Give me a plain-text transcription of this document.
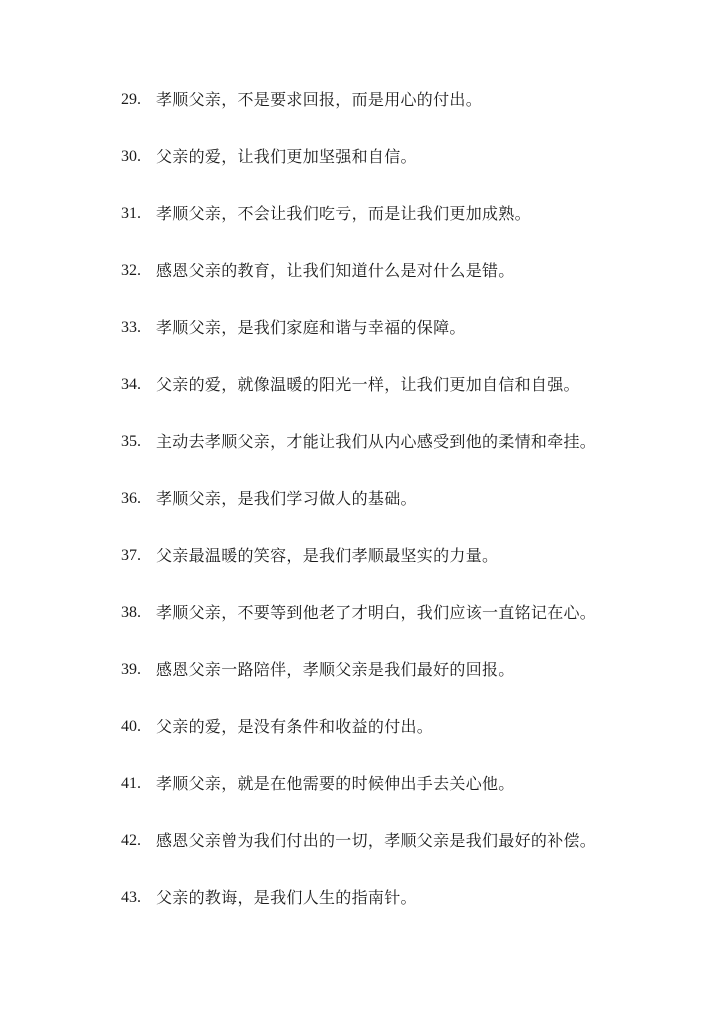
29. 孝顺父亲，不是要求回报，而是用心的付出。
30. 父亲的爱，让我们更加坚强和自信。
31. 孝顺父亲，不会让我们吃亏，而是让我们更加成熟。
32. 感恩父亲的教育，让我们知道什么是对什么是错。
33. 孝顺父亲，是我们家庭和谐与幸福的保障。
34. 父亲的爱，就像温暖的阳光一样，让我们更加自信和自强。
35. 主动去孝顺父亲，才能让我们从内心感受到他的柔情和牵挂。
36. 孝顺父亲，是我们学习做人的基础。
37. 父亲最温暖的笑容，是我们孝顺最坚实的力量。
38. 孝顺父亲，不要等到他老了才明白，我们应该一直铭记在心。
39. 感恩父亲一路陪伴，孝顺父亲是我们最好的回报。
40. 父亲的爱，是没有条件和收益的付出。
41. 孝顺父亲，就是在他需要的时候伸出手去关心他。
42. 感恩父亲曾为我们付出的一切，孝顺父亲是我们最好的补偿。
43. 父亲的教诲，是我们人生的指南针。
